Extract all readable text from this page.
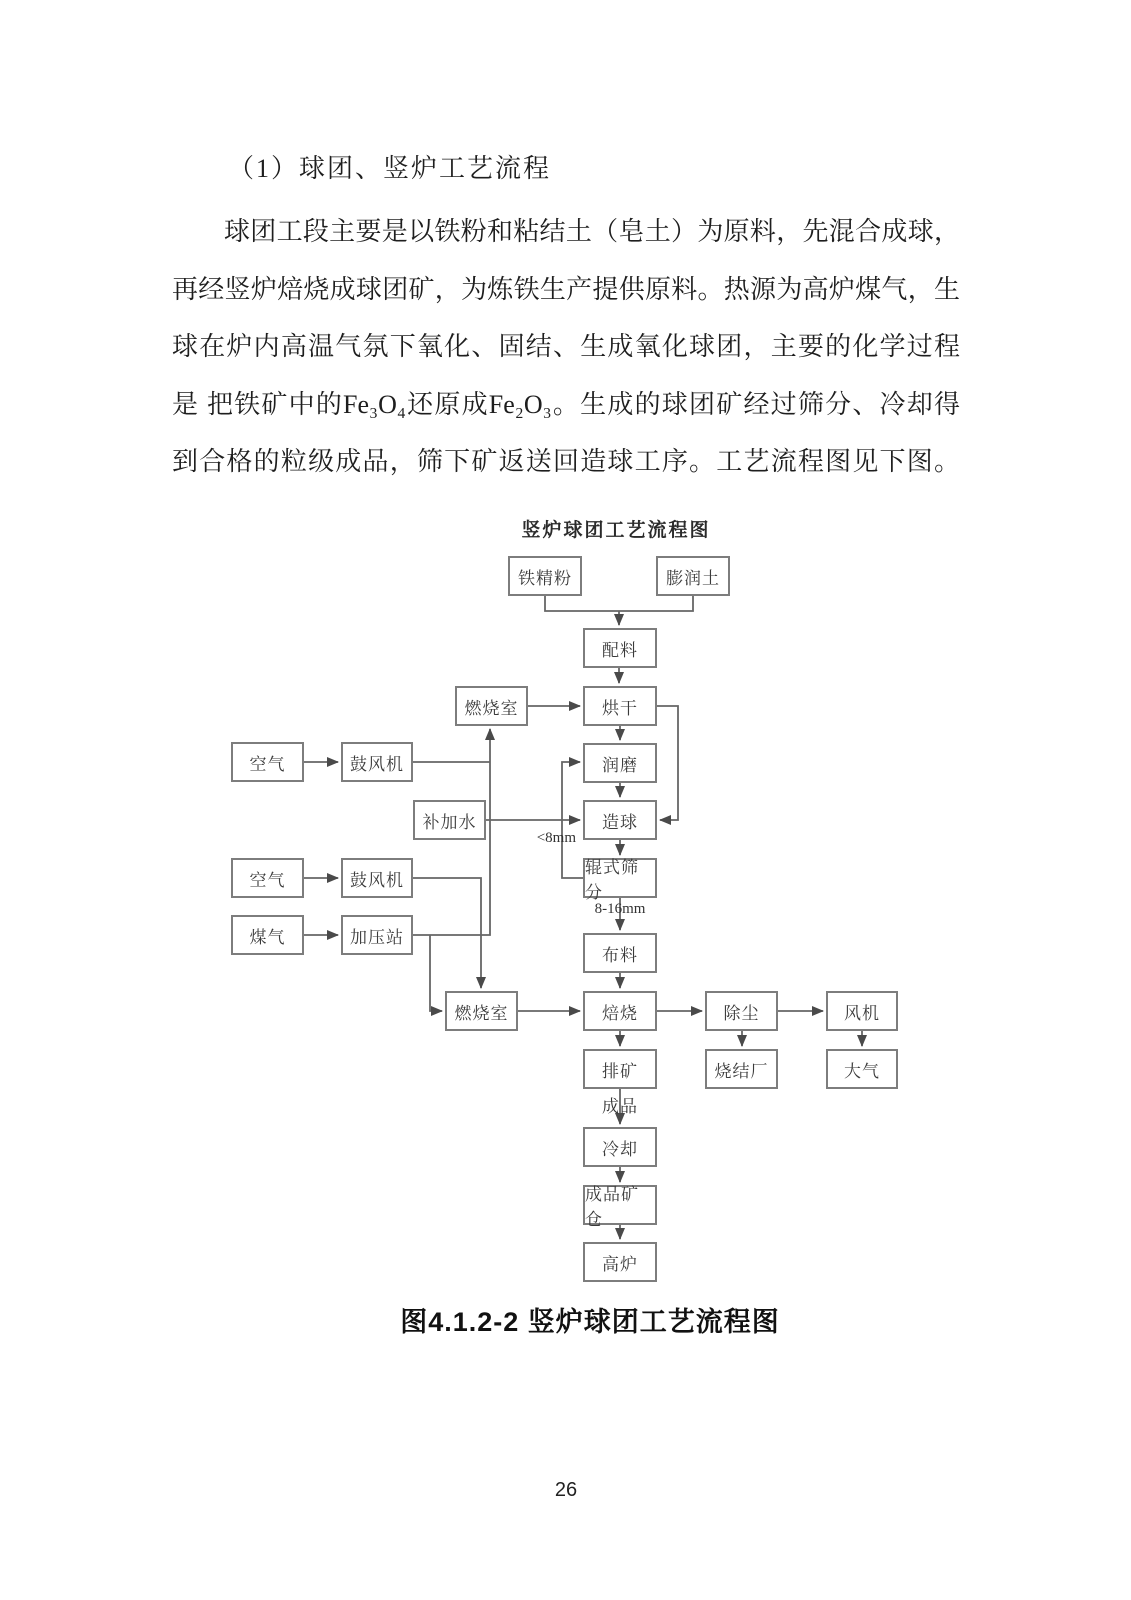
（1）球团、竖炉工艺流程
球团工段主要是以铁粉和粘结土（皂土）为原料，先混合成球，
再经竖炉焙烧成球团矿，为炼铁生产提供原料。热源为高炉煤气，生
球在炉内高温气氛下氧化、固结、生成氧化球团，主要的化学过程
是 把铁矿中的Fe₃O₄还原成Fe₂O₃。生成的球团矿经过筛分、冷却得
到合格的粒级成品，筛下矿返送回造球工序。工艺流程图见下图。
竖炉球团工艺流程图
铁精粉	膨润土
配料
燃烧室	烘干
空气	鼓风机	润磨
补加水	造球
空气	鼓风机
辊式筛分
煤气	加压站
布料
燃烧室	焙烧	除尘	风机
排矿	烧结厂	大气
冷却
成品矿仓
高炉
<8mm
8-16mm
成品
图4.1.2-2 竖炉球团工艺流程图
26
